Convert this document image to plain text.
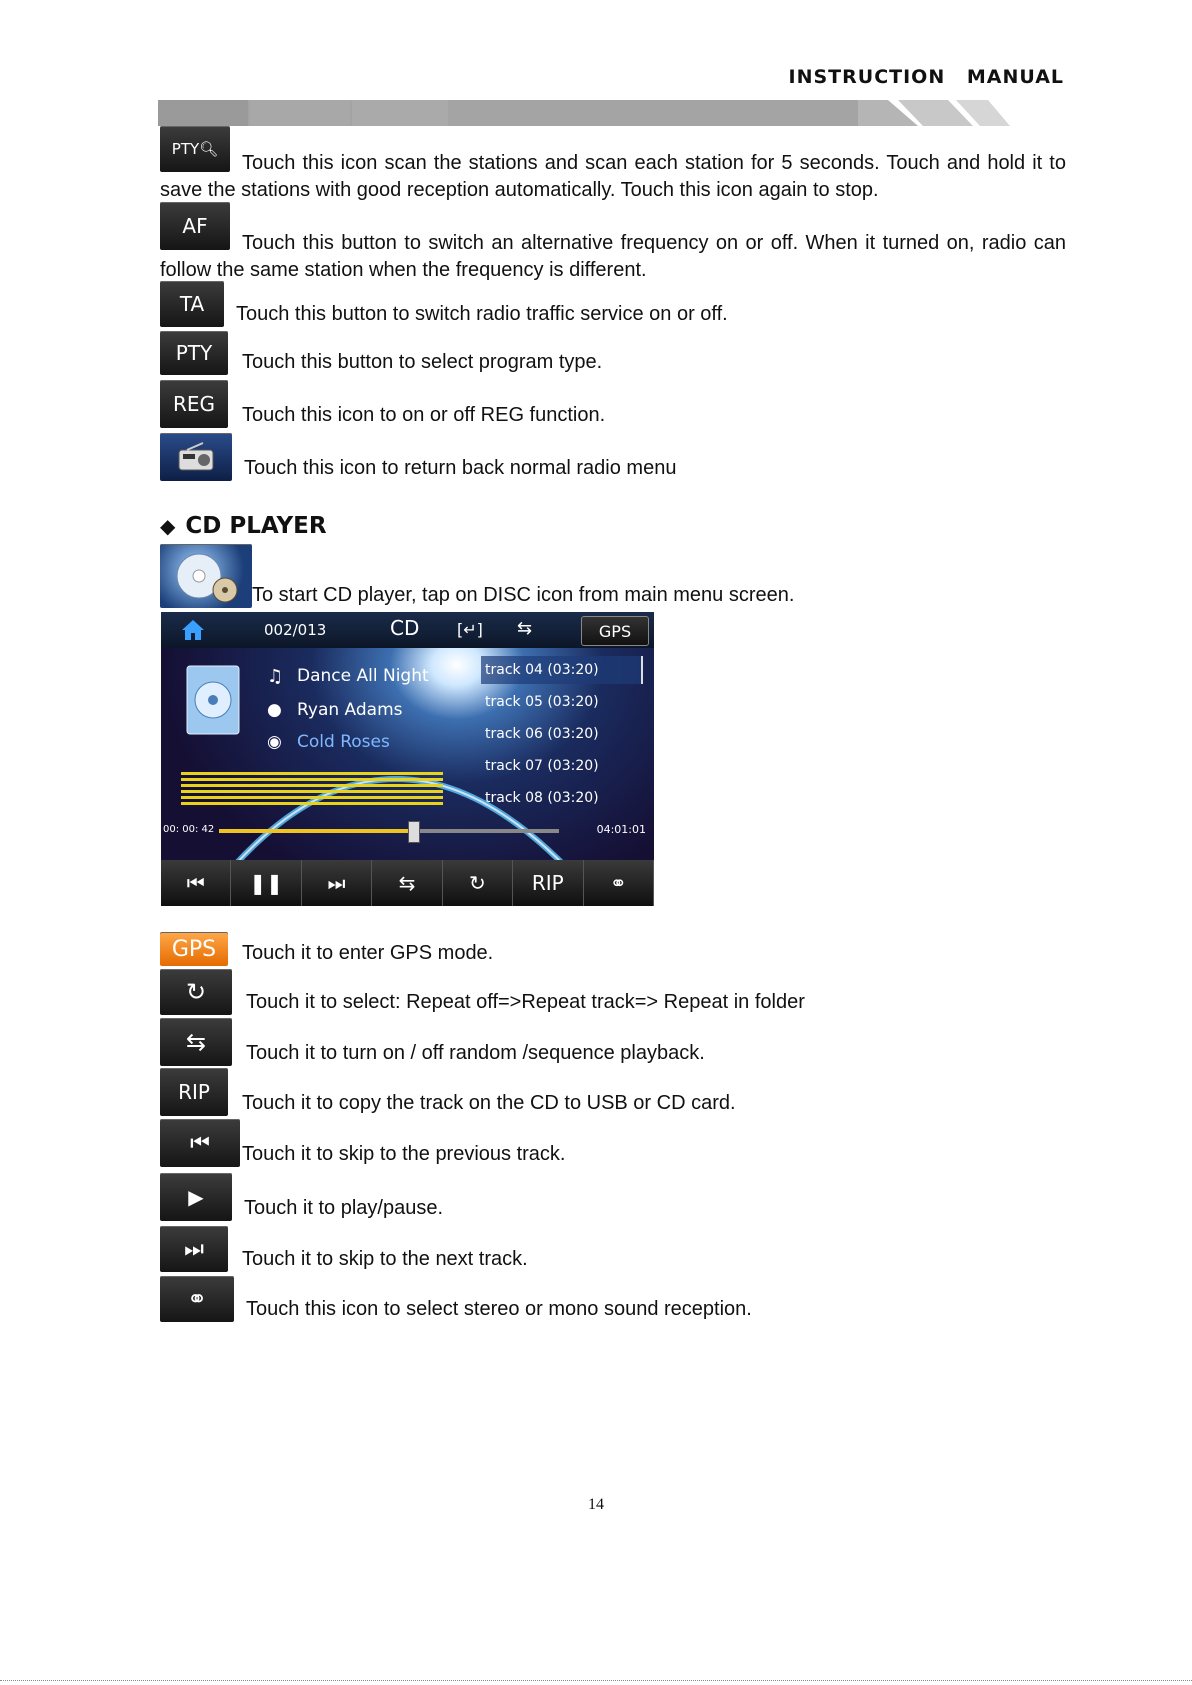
INSTRUCTION MANUAL
PTY🔍︎Touch this icon scan the stations and scan each station for 5 seconds. Touch and hold it to save the stations with good reception automatically. Touch this icon again to stop.
AF
Touch this button to switch an alternative frequency on or off. When it turned on, radio can follow the same station when the frequency is different.
TA Touch this button to switch radio traffic service on or off.
PTY Touch this button to select program type.
REG Touch this icon to on or off REG function.
Touch this icon to return back normal radio menu
◆ CD PLAYER
To start CD player, tap on DISC icon from main menu screen.
002/013	CD [↵] ⇆	GPS
♫ Dance All Night
● Ryan Adams
◉ Cold Roses
track 04 (03:20)
track 05 (03:20)
track 06 (03:20)
track 07 (03:20)
track 08 (03:20)
00: 00: 42	04:01:01
⏮︎	❚❚	⏭︎	⇆	↻	RIP	⚭︎
GPS Touch it to enter GPS mode.
↻	Touch it to select: Repeat off=>Repeat track=> Repeat in folder
⇆	Touch it to turn on / off random /sequence playback.
RIP Touch it to copy the track on the CD to USB or CD card.
⏮︎	Touch it to skip to the previous track.
▶︎	Touch it to play/pause.
⏭︎	Touch it to skip to the next track.
⚭︎	Touch this icon to select stereo or mono sound reception.
14
